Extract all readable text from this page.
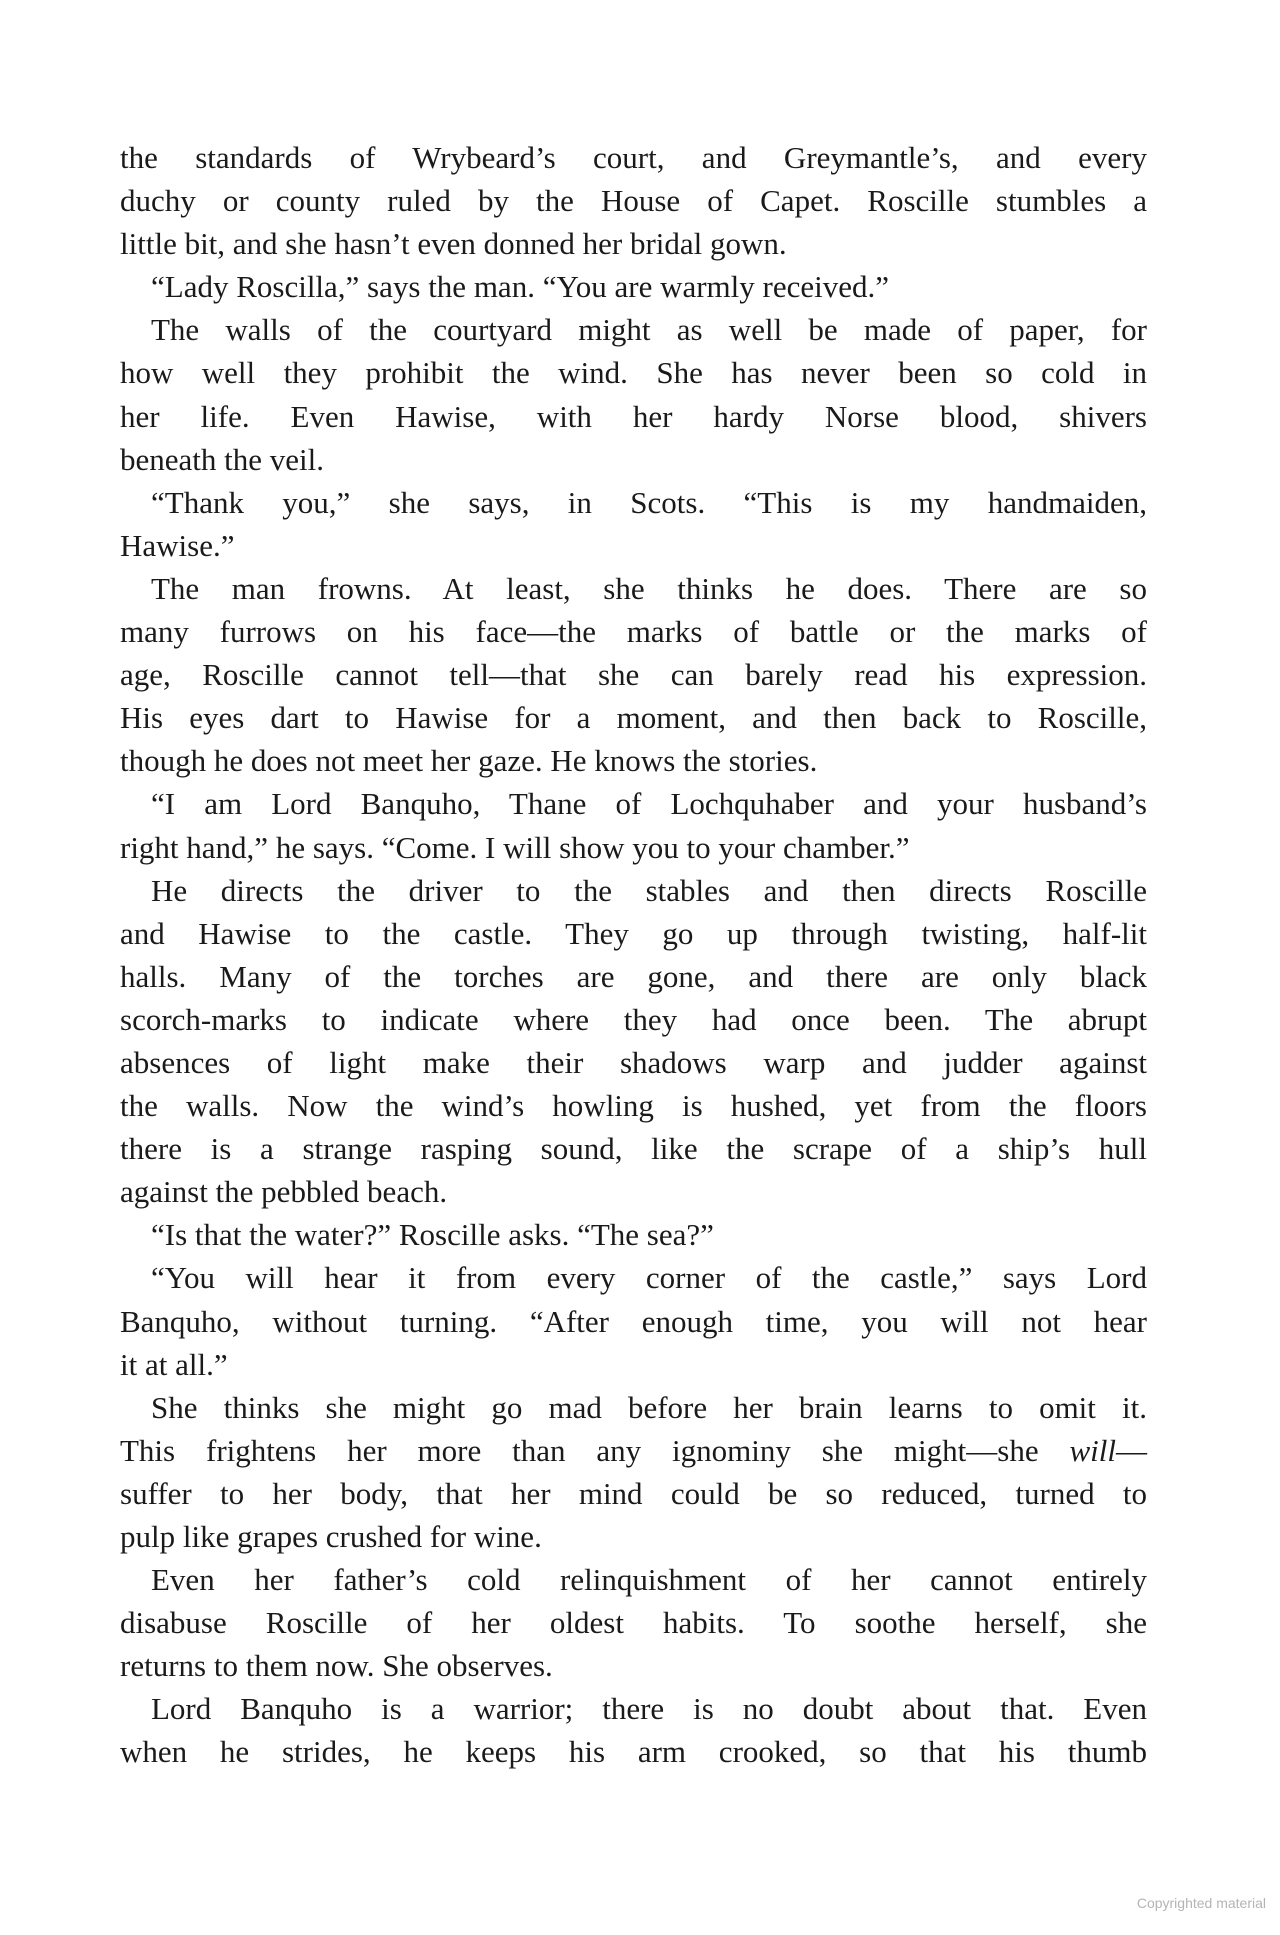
the standards of Wrybeard’s court, and Greymantle’s, and every
duchy or county ruled by the House of Capet. Roscille stumbles a
little bit, and she hasn’t even donned her bridal gown.
“Lady Roscilla,” says the man. “You are warmly received.”
The walls of the courtyard might as well be made of paper, for
how well they prohibit the wind. She has never been so cold in
her life. Even Hawise, with her hardy Norse blood, shivers
beneath the veil.
“Thank you,” she says, in Scots. “This is my handmaiden,
Hawise.”
The man frowns. At least, she thinks he does. There are so
many furrows on his face—the marks of battle or the marks of
age, Roscille cannot tell—that she can barely read his expression.
His eyes dart to Hawise for a moment, and then back to Roscille,
though he does not meet her gaze. He knows the stories.
“I am Lord Banquho, Thane of Lochquhaber and your husband’s
right hand,” he says. “Come. I will show you to your chamber.”
He directs the driver to the stables and then directs Roscille
and Hawise to the castle. They go up through twisting, half-lit
halls. Many of the torches are gone, and there are only black
scorch-marks to indicate where they had once been. The abrupt
absences of light make their shadows warp and judder against
the walls. Now the wind’s howling is hushed, yet from the floors
there is a strange rasping sound, like the scrape of a ship’s hull
against the pebbled beach.
“Is that the water?” Roscille asks. “The sea?”
“You will hear it from every corner of the castle,” says Lord
Banquho, without turning. “After enough time, you will not hear
it at all.”
She thinks she might go mad before her brain learns to omit it.
This frightens her more than any ignominy she might—she will—
suffer to her body, that her mind could be so reduced, turned to
pulp like grapes crushed for wine.
Even her father’s cold relinquishment of her cannot entirely
disabuse Roscille of her oldest habits. To soothe herself, she
returns to them now. She observes.
Lord Banquho is a warrior; there is no doubt about that. Even
when he strides, he keeps his arm crooked, so that his thumb
Copyrighted material
